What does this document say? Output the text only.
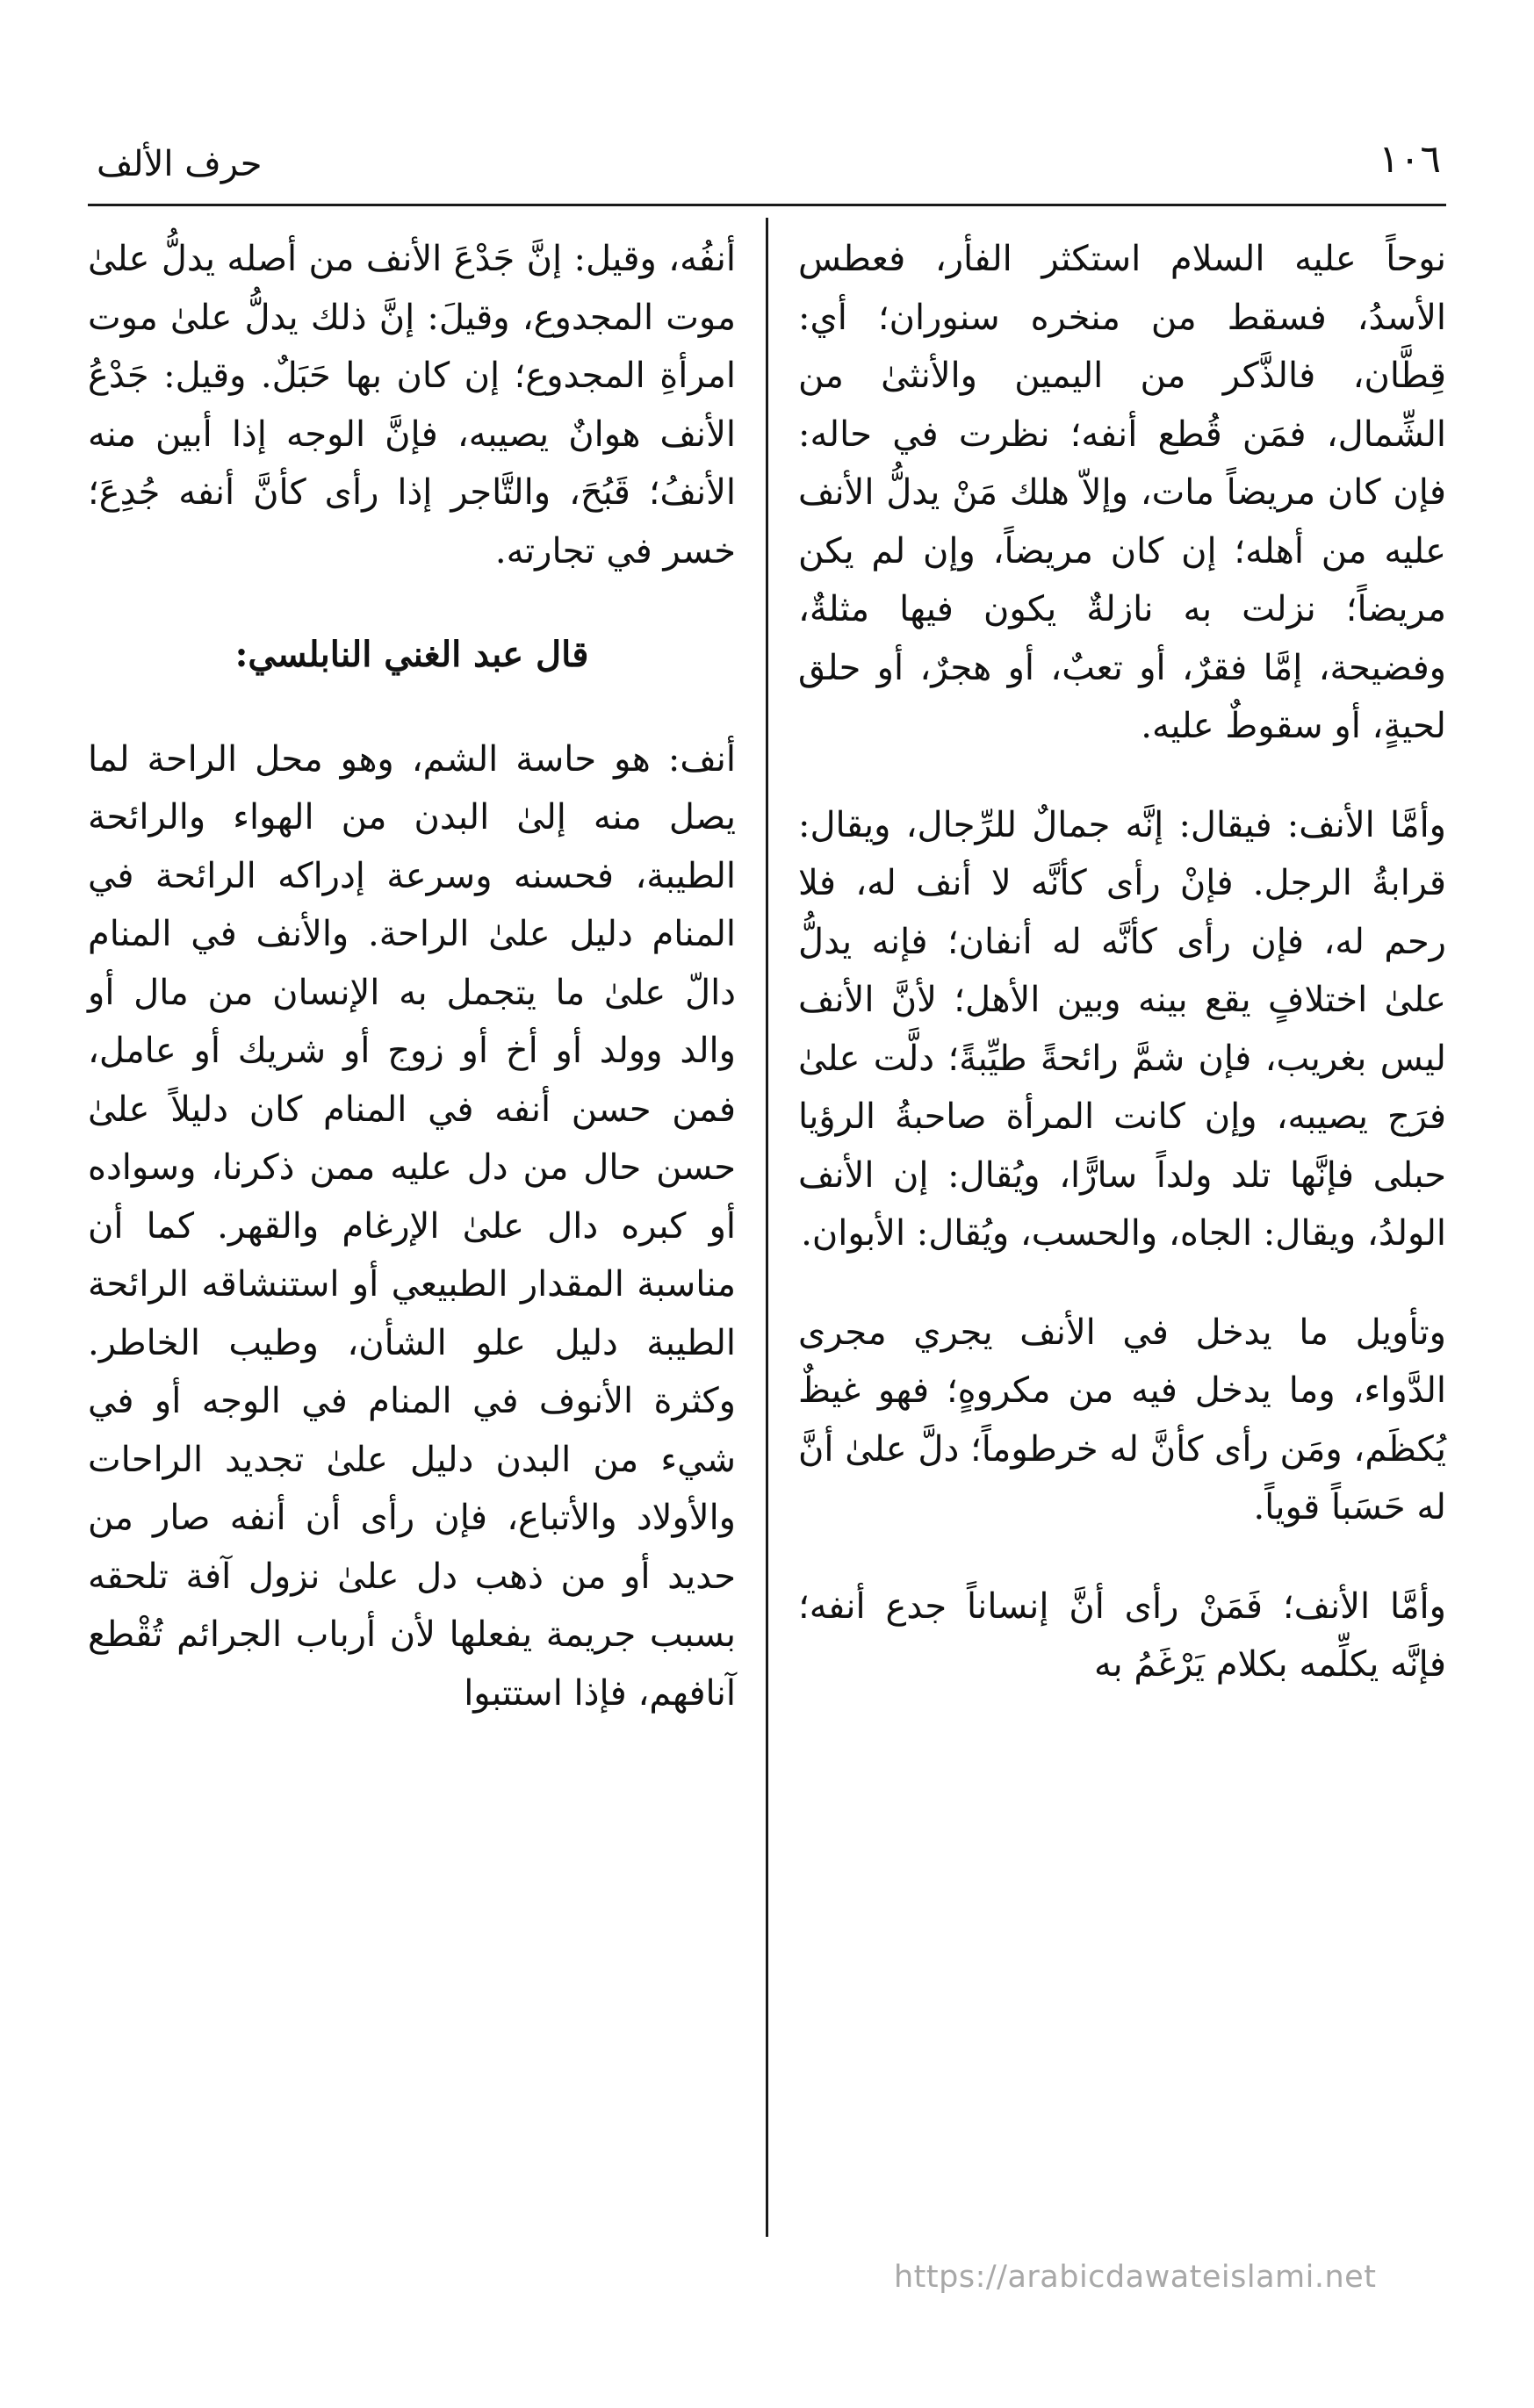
١٠٦
حرف الألف

نوحاً عليه السلام استكثر الفأر، فعطس الأسدُ، فسقط من منخره سنوران؛ أي: قِطَّان، فالذَّكر من اليمين والأنثىٰ من الشِّمال، فمَن قُطع أنفه؛ نظرت في حاله: فإن كان مريضاً مات، وإلاّ هلك مَنْ يدلُّ الأنف عليه من أهله؛ إن كان مريضاً، وإن لم يكن مريضاً؛ نزلت به نازلةٌ يكون فيها مثلةٌ، وفضيحة، إمَّا فقرٌ، أو تعبٌ، أو هجرٌ، أو حلق لحيةٍ، أو سقوطٌ عليه.

وأمَّا الأنف: فيقال: إنَّه جمالٌ للرِّجال، ويقال: قرابةُ الرجل. فإنْ رأى كأنَّه لا أنف له، فلا رحم له، فإن رأى كأنَّه له أنفان؛ فإنه يدلُّ علىٰ اختلافٍ يقع بينه وبين الأهل؛ لأنَّ الأنف ليس بغريب، فإن شمَّ رائحةً طيِّبةً؛ دلَّت علىٰ فرَج يصيبه، وإن كانت المرأة صاحبةُ الرؤيا حبلى فإنَّها تلد ولداً سارًّا، ويُقال: إن الأنف الولدُ، ويقال: الجاه، والحسب، ويُقال: الأبوان.

وتأويل ما يدخل في الأنف يجري مجرى الدَّواء، وما يدخل فيه من مكروهٍ؛ فهو غيظٌ يُكظَم، ومَن رأى كأنَّ له خرطوماً؛ دلَّ علىٰ أنَّ له حَسَباً قوياً.

وأمَّا الأنف؛ فَمَنْ رأى أنَّ إنساناً جدع أنفه؛ فإنَّه يكلِّمه بكلام يَرْغَمُ به

أنفُه، وقيل: إنَّ جَدْعَ الأنف من أصله يدلُّ علىٰ موت المجدوع، وقيلَ: إنَّ ذلك يدلُّ علىٰ موت امرأةِ المجدوع؛ إن كان بها حَبَلٌ. وقيل: جَدْعُ الأنف هوانٌ يصيبه، فإنَّ الوجه إذا أبين منه الأنفُ؛ قَبُحَ، والتَّاجر إذا رأى كأنَّ أنفه جُدِعَ؛ خسر في تجارته.

قال عبد الغني النابلسي:

أنف: هو حاسة الشم، وهو محل الراحة لما يصل منه إلىٰ البدن من الهواء والرائحة الطيبة، فحسنه وسرعة إدراكه الرائحة في المنام دليل علىٰ الراحة. والأنف في المنام دالّ علىٰ ما يتجمل به الإنسان من مال أو والد وولد أو أخ أو زوج أو شريك أو عامل، فمن حسن أنفه في المنام كان دليلاً علىٰ حسن حال من دل عليه ممن ذكرنا، وسواده أو كبره دال علىٰ الإرغام والقهر. كما أن مناسبة المقدار الطبيعي أو استنشاقه الرائحة الطيبة دليل علو الشأن، وطيب الخاطر. وكثرة الأنوف في المنام في الوجه أو في شيء من البدن دليل علىٰ تجديد الراحات والأولاد والأتباع، فإن رأى أن أنفه صار من حديد أو من ذهب دل علىٰ نزول آفة تلحقه بسبب جريمة يفعلها لأن أرباب الجرائم تُقْطع آنافهم، فإذا استتبوا

https://arabicdawateislami.net
